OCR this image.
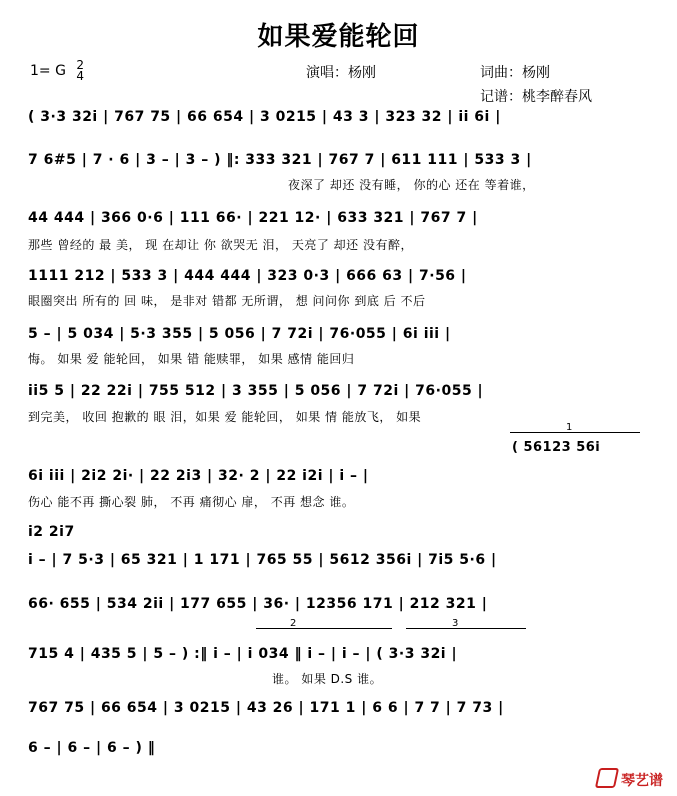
如果爱能轮回
1= G 2
4	演唱：杨刚	词曲：杨刚
记谱：桃李醉春风
( 3·3 32i | 767 75 | 66 654 | 3 0215 | 43 3 | 323 32 | ii 6i |
7 6#5 | 7 · 6 | 3 – | 3 – ) ‖: 333 321 | 767 7 | 611 111 | 533 3 |
夜深了 却还 没有睡， 你的心 还在 等着谁，
44 444 | 366 0·6 | 111 66· | 221 12· | 633 321 | 767 7 |
那些 曾经的 最 美， 现 在却让 你 欲哭无 泪， 天亮了 却还 没有醉，
1111 212 | 533 3 | 444 444 | 323 0·3 | 666 63 | 7·56 |
眼圈突出 所有的 回 味， 是非对 错都 无所谓， 想 问问你 到底 后 不后
5 – | 5 034 | 5·3 355 | 5 056 | 7 72i | 76·055 | 6i iii |
悔。 如果 爱 能轮回， 如果 错 能赎罪， 如果 感情 能回归
ii5 5 | 22 22i | 755 512 | 3 355 | 5 056 | 7 72i | 76·055 |
到完美， 收回 抱歉的 眼 泪，如果 爱 能轮回， 如果 情 能放飞， 如果
1
( 56123 56i
6i iii | 2i2 2i· | 22 2i3 | 32· 2 | 22 i2i | i – |
伤心 能不再 撕心裂 肺， 不再 痛彻心 扉， 不再 想念 谁。
i2 2i7
i – | 7 5·3 | 65 321 | 1 171 | 765 55 | 5612 356i | 7i5 5·6 |
66· 655 | 534 2ii | 177 655 | 36· | 12356 171 | 212 321 |
2	3
715 4 | 435 5 | 5 – ) :‖ i – | i 034 ‖ i – | i – | ( 3·3 32i |
谁。 如果 D.S 谁。
767 75 | 66 654 | 3 0215 | 43 26 | 171 1 | 6 6 | 7 7 | 7 73 |
6 – | 6 – | 6 – ) ‖
琴艺谱
